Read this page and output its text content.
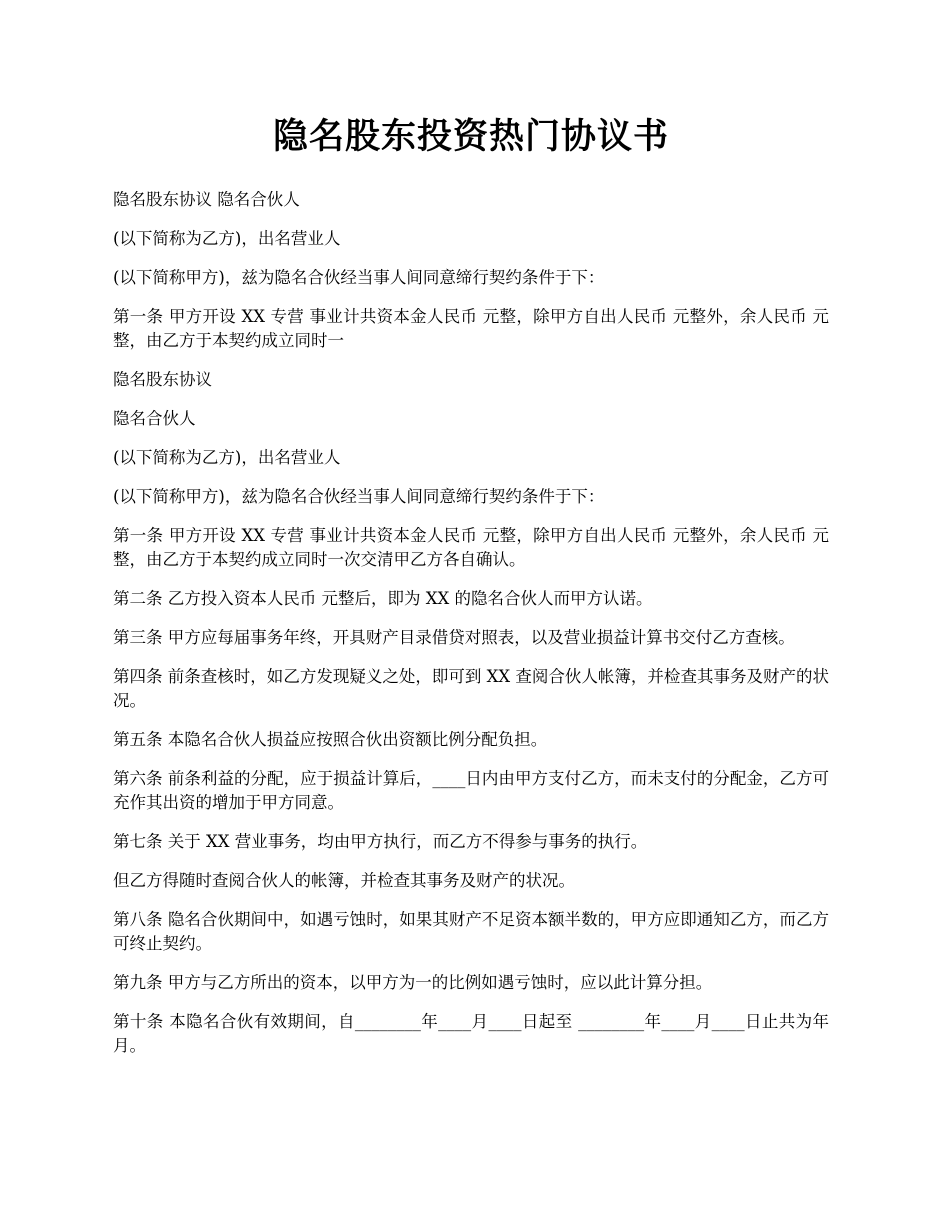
隐名股东投资热门协议书

隐名股东协议 隐名合伙人

(以下简称为乙方)，出名营业人

(以下简称甲方)，兹为隐名合伙经当事人间同意缔行契约条件于下：

第一条 甲方开设 XX 专营 事业计共资本金人民币 元整，除甲方自出人民币 元整外，余人民币 元整，由乙方于本契约成立同时一

隐名股东协议

隐名合伙人

(以下简称为乙方)，出名营业人

(以下简称甲方)，兹为隐名合伙经当事人间同意缔行契约条件于下：

第一条 甲方开设 XX 专营 事业计共资本金人民币 元整，除甲方自出人民币 元整外，余人民币 元整，由乙方于本契约成立同时一次交清甲乙方各自确认。

第二条 乙方投入资本人民币 元整后，即为 XX 的隐名合伙人而甲方认诺。

第三条 甲方应每届事务年终，开具财产目录借贷对照表，以及营业损益计算书交付乙方查核。

第四条 前条查核时，如乙方发现疑义之处，即可到 XX 查阅合伙人帐簿，并检查其事务及财产的状况。

第五条 本隐名合伙人损益应按照合伙出资额比例分配负担。

第六条 前条利益的分配，应于损益计算后，____日内由甲方支付乙方，而未支付的分配金，乙方可充作其出资的增加于甲方同意。

第七条 关于 XX 营业事务，均由甲方执行，而乙方不得参与事务的执行。

但乙方得随时查阅合伙人的帐簿，并检查其事务及财产的状况。

第八条 隐名合伙期间中，如遇亏蚀时，如果其财产不足资本额半数的，甲方应即通知乙方，而乙方可终止契约。

第九条 甲方与乙方所出的资本，以甲方为一的比例如遇亏蚀时，应以此计算分担。

第十条 本隐名合伙有效期间，自________年____月____日起至 ________年____月____日止共为年月。
